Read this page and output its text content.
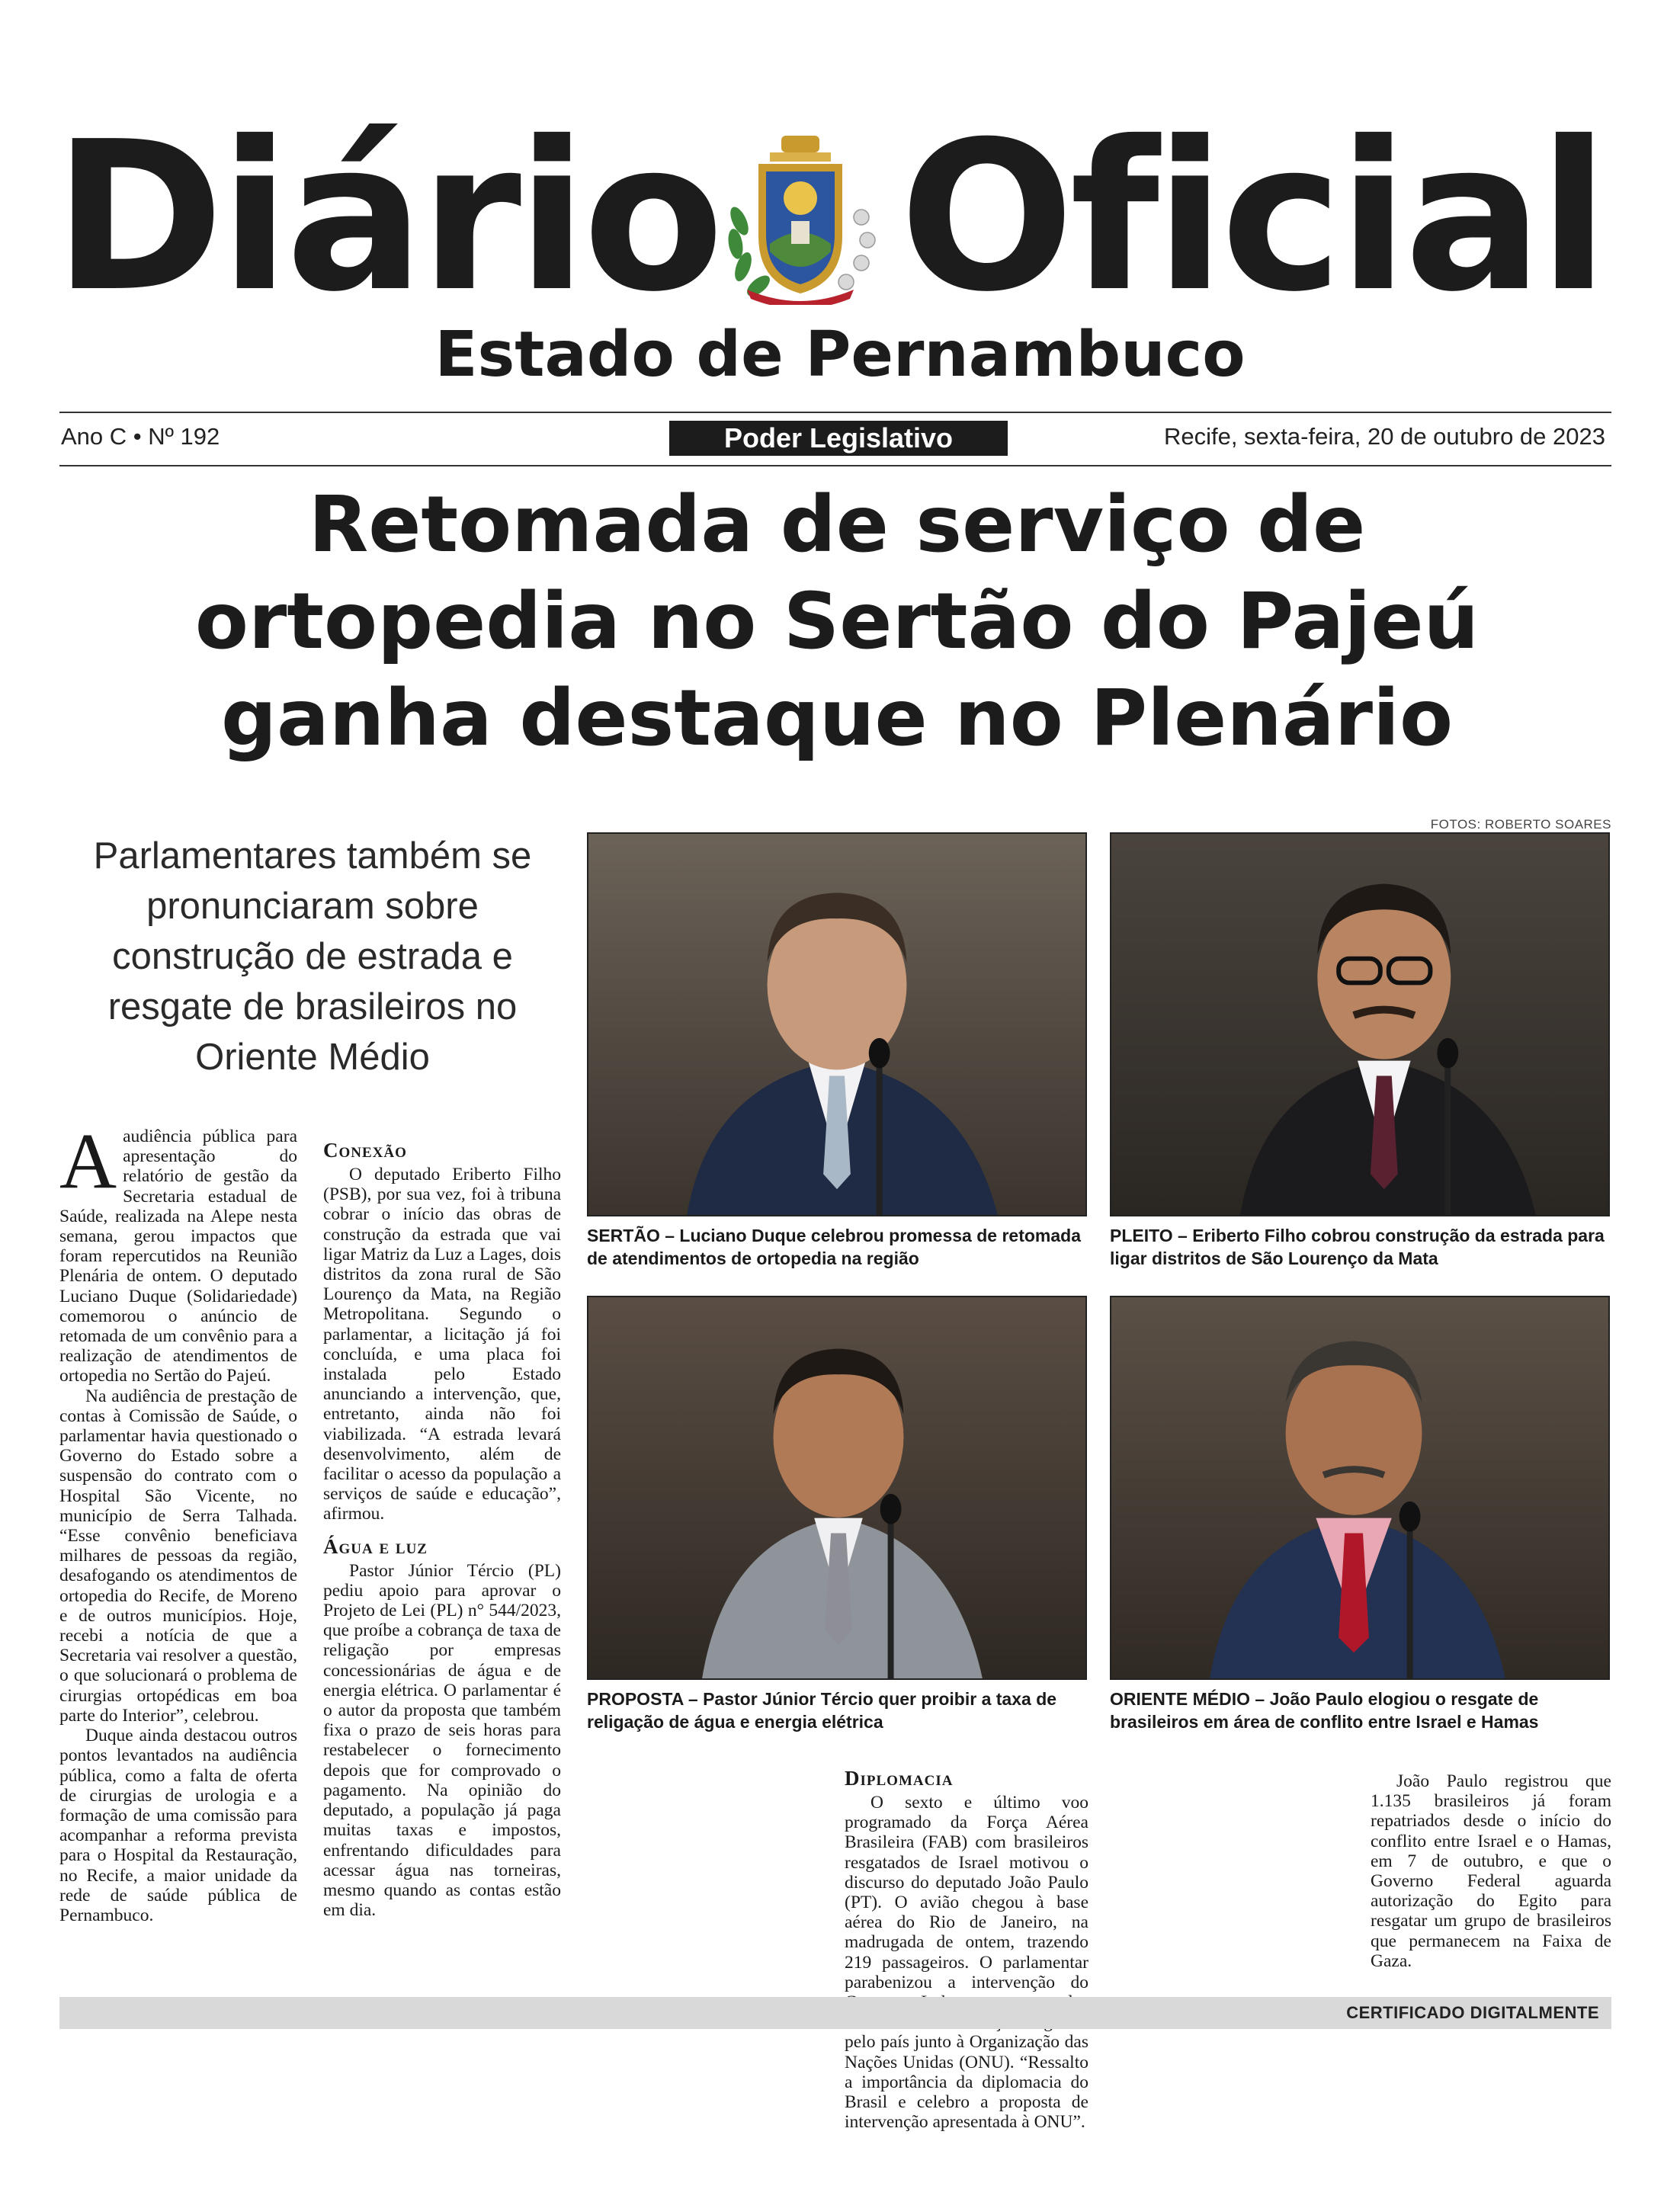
Diário Oficial
Estado de Pernambuco
Ano C • Nº 192	Poder Legislativo	Recife, sexta-feira, 20 de outubro de 2023
Retomada de serviço de
ortopedia no Sertão do Pajeú
ganha destaque no Plenário
FOTOS: ROBERTO SOARES
Parlamentares também se pronunciaram sobre construção de estrada e resgate de brasileiros no Oriente Médio
SERTÃO – Luciano Duque celebrou promessa de retomada de atendimentos de ortopedia na região
PLEITO – Eriberto Filho cobrou construção da estrada para ligar distritos de São Lourenço da Mata
PROPOSTA – Pastor Júnior Tércio quer proibir a taxa de religação de água e energia elétrica
ORIENTE MÉDIO – João Paulo elogiou o resgate de brasileiros em área de conflito entre Israel e Hamas

Aaudiência pública para apresentação do relatório de gestão da Secretaria estadual de Saúde, realizada na Alepe nesta semana, gerou impactos que foram repercutidos na Reunião Plenária de ontem. O deputado Luciano Duque (Solidariedade) comemorou o anúncio de retomada de um convênio para a realização de atendimentos de ortopedia no Sertão do Pajeú.

Na audiência de prestação de contas à Comissão de Saúde, o parlamentar havia questionado o Governo do Estado sobre a suspensão do contrato com o Hospital São Vicente, no município de Serra Talhada. “Esse convênio beneficiava milhares de pessoas da região, desafogando os atendimentos de ortopedia do Recife, de Moreno e de outros municípios. Hoje, recebi a notícia de que a Secretaria vai resolver a questão, o que solucionará o problema de cirurgias ortopédicas em boa parte do Interior”, celebrou.

Duque ainda destacou outros pontos levantados na audiência pública, como a falta de oferta de cirurgias de urologia e a formação de uma comissão para acompanhar a reforma prevista para o Hospital da Restauração, no Recife, a maior unidade da rede de saúde pública de Pernambuco.

Conexão

O deputado Eriberto Filho (PSB), por sua vez, foi à tribuna cobrar o início das obras de construção da estrada que vai ligar Matriz da Luz a Lages, dois distritos da zona rural de São Lourenço da Mata, na Região Metropolitana. Segundo o parlamentar, a licitação já foi concluída, e uma placa foi instalada pelo Estado anunciando a intervenção, que, entretanto, ainda não foi viabilizada. “A estrada levará desenvolvimento, além de facilitar o acesso da população a serviços de saúde e educação”, afirmou.

Água e luz

Pastor Júnior Tércio (PL) pediu apoio para aprovar o Projeto de Lei (PL) n° 544/2023, que proíbe a cobrança de taxa de religação por empresas concessionárias de água e de energia elétrica. O parlamentar é o autor da proposta que também fixa o prazo de seis horas para restabelecer o fornecimento depois que for comprovado o pagamento. Na opinião do deputado, a população já paga muitas taxas e impostos, enfrentando dificuldades para acessar água nas torneiras, mesmo quando as contas estão em dia.

Diplomacia

O sexto e último voo programado da Força Aérea Brasileira (FAB) com brasileiros resgatados de Israel motivou o discurso do deputado João Paulo (PT). O avião chegou à base aérea do Rio de Janeiro, na madrugada de ontem, trazendo 219 passageiros. O parlamentar parabenizou a intervenção do pelo país junto à Organização das Nações Unidas (ONU). “Ressalto a importância da diplomacia do Brasil e celebro a proposta de intervenção apresentada à ONU”.

João Paulo registrou que 1.135 brasileiros já foram repatriados desde o início do conflito entre Israel e o Hamas, em 7 de outubro, e que o Governo Federal aguarda autorização do Egito para resgatar um grupo de brasileiros que permanecem na Faixa de Gaza.

CERTIFICADO DIGITALMENTE
